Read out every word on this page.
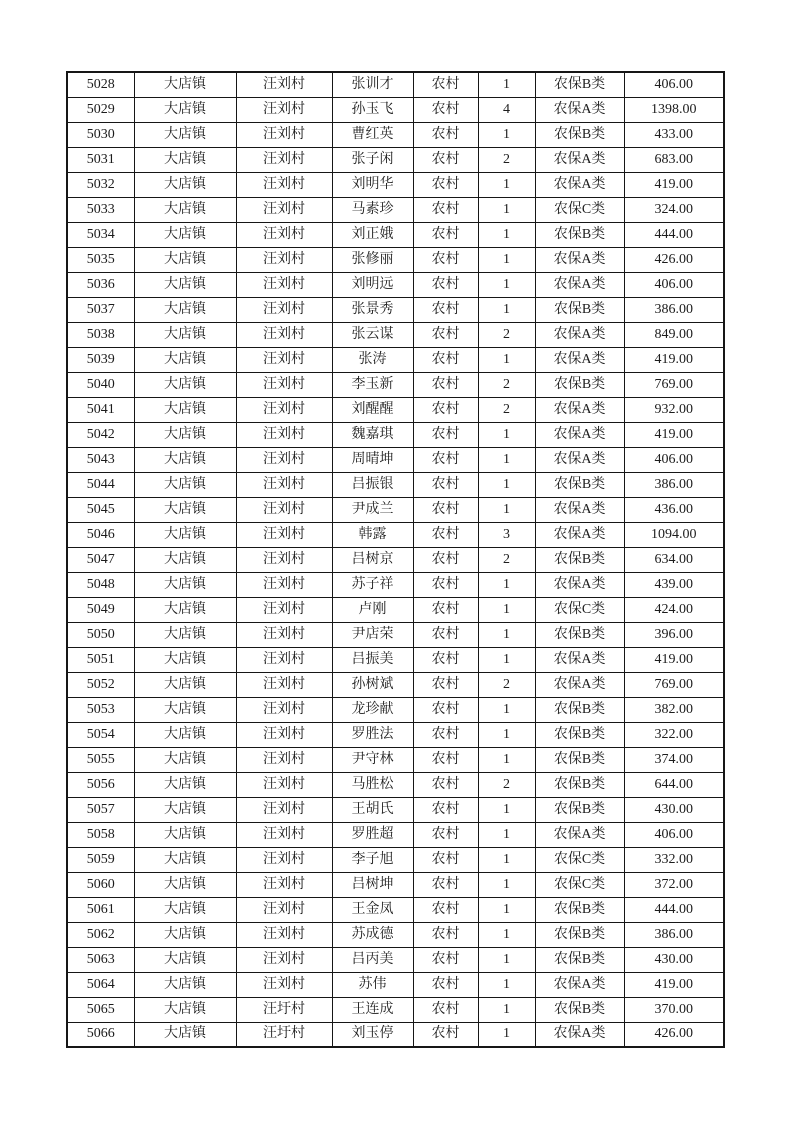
5028	大店镇	汪刘村	张训才	农村	1	农保B类	406.00
5029	大店镇	汪刘村	孙玉飞	农村	4	农保A类	1398.00
5030	大店镇	汪刘村	曹红英	农村	1	农保B类	433.00
5031	大店镇	汪刘村	张子闲	农村	2	农保A类	683.00
5032	大店镇	汪刘村	刘明华	农村	1	农保A类	419.00
5033	大店镇	汪刘村	马素珍	农村	1	农保C类	324.00
5034	大店镇	汪刘村	刘正娥	农村	1	农保B类	444.00
5035	大店镇	汪刘村	张修丽	农村	1	农保A类	426.00
5036	大店镇	汪刘村	刘明远	农村	1	农保A类	406.00
5037	大店镇	汪刘村	张景秀	农村	1	农保B类	386.00
5038	大店镇	汪刘村	张云谋	农村	2	农保A类	849.00
5039	大店镇	汪刘村	张涛	农村	1	农保A类	419.00
5040	大店镇	汪刘村	李玉新	农村	2	农保B类	769.00
5041	大店镇	汪刘村	刘醒醒	农村	2	农保A类	932.00
5042	大店镇	汪刘村	魏嘉琪	农村	1	农保A类	419.00
5043	大店镇	汪刘村	周晴坤	农村	1	农保A类	406.00
5044	大店镇	汪刘村	吕振银	农村	1	农保B类	386.00
5045	大店镇	汪刘村	尹成兰	农村	1	农保A类	436.00
5046	大店镇	汪刘村	韩露	农村	3	农保A类	1094.00
5047	大店镇	汪刘村	吕树京	农村	2	农保B类	634.00
5048	大店镇	汪刘村	苏子祥	农村	1	农保A类	439.00
5049	大店镇	汪刘村	卢刚	农村	1	农保C类	424.00
5050	大店镇	汪刘村	尹店荣	农村	1	农保B类	396.00
5051	大店镇	汪刘村	吕振美	农村	1	农保A类	419.00
5052	大店镇	汪刘村	孙树斌	农村	2	农保A类	769.00
5053	大店镇	汪刘村	龙珍献	农村	1	农保B类	382.00
5054	大店镇	汪刘村	罗胜法	农村	1	农保B类	322.00
5055	大店镇	汪刘村	尹守林	农村	1	农保B类	374.00
5056	大店镇	汪刘村	马胜松	农村	2	农保B类	644.00
5057	大店镇	汪刘村	王胡氏	农村	1	农保B类	430.00
5058	大店镇	汪刘村	罗胜超	农村	1	农保A类	406.00
5059	大店镇	汪刘村	李子旭	农村	1	农保C类	332.00
5060	大店镇	汪刘村	吕树坤	农村	1	农保C类	372.00
5061	大店镇	汪刘村	王金凤	农村	1	农保B类	444.00
5062	大店镇	汪刘村	苏成德	农村	1	农保B类	386.00
5063	大店镇	汪刘村	吕丙美	农村	1	农保B类	430.00
5064	大店镇	汪刘村	苏伟	农村	1	农保A类	419.00
5065	大店镇	汪圩村	王连成	农村	1	农保B类	370.00
5066	大店镇	汪圩村	刘玉停	农村	1	农保A类	426.00
